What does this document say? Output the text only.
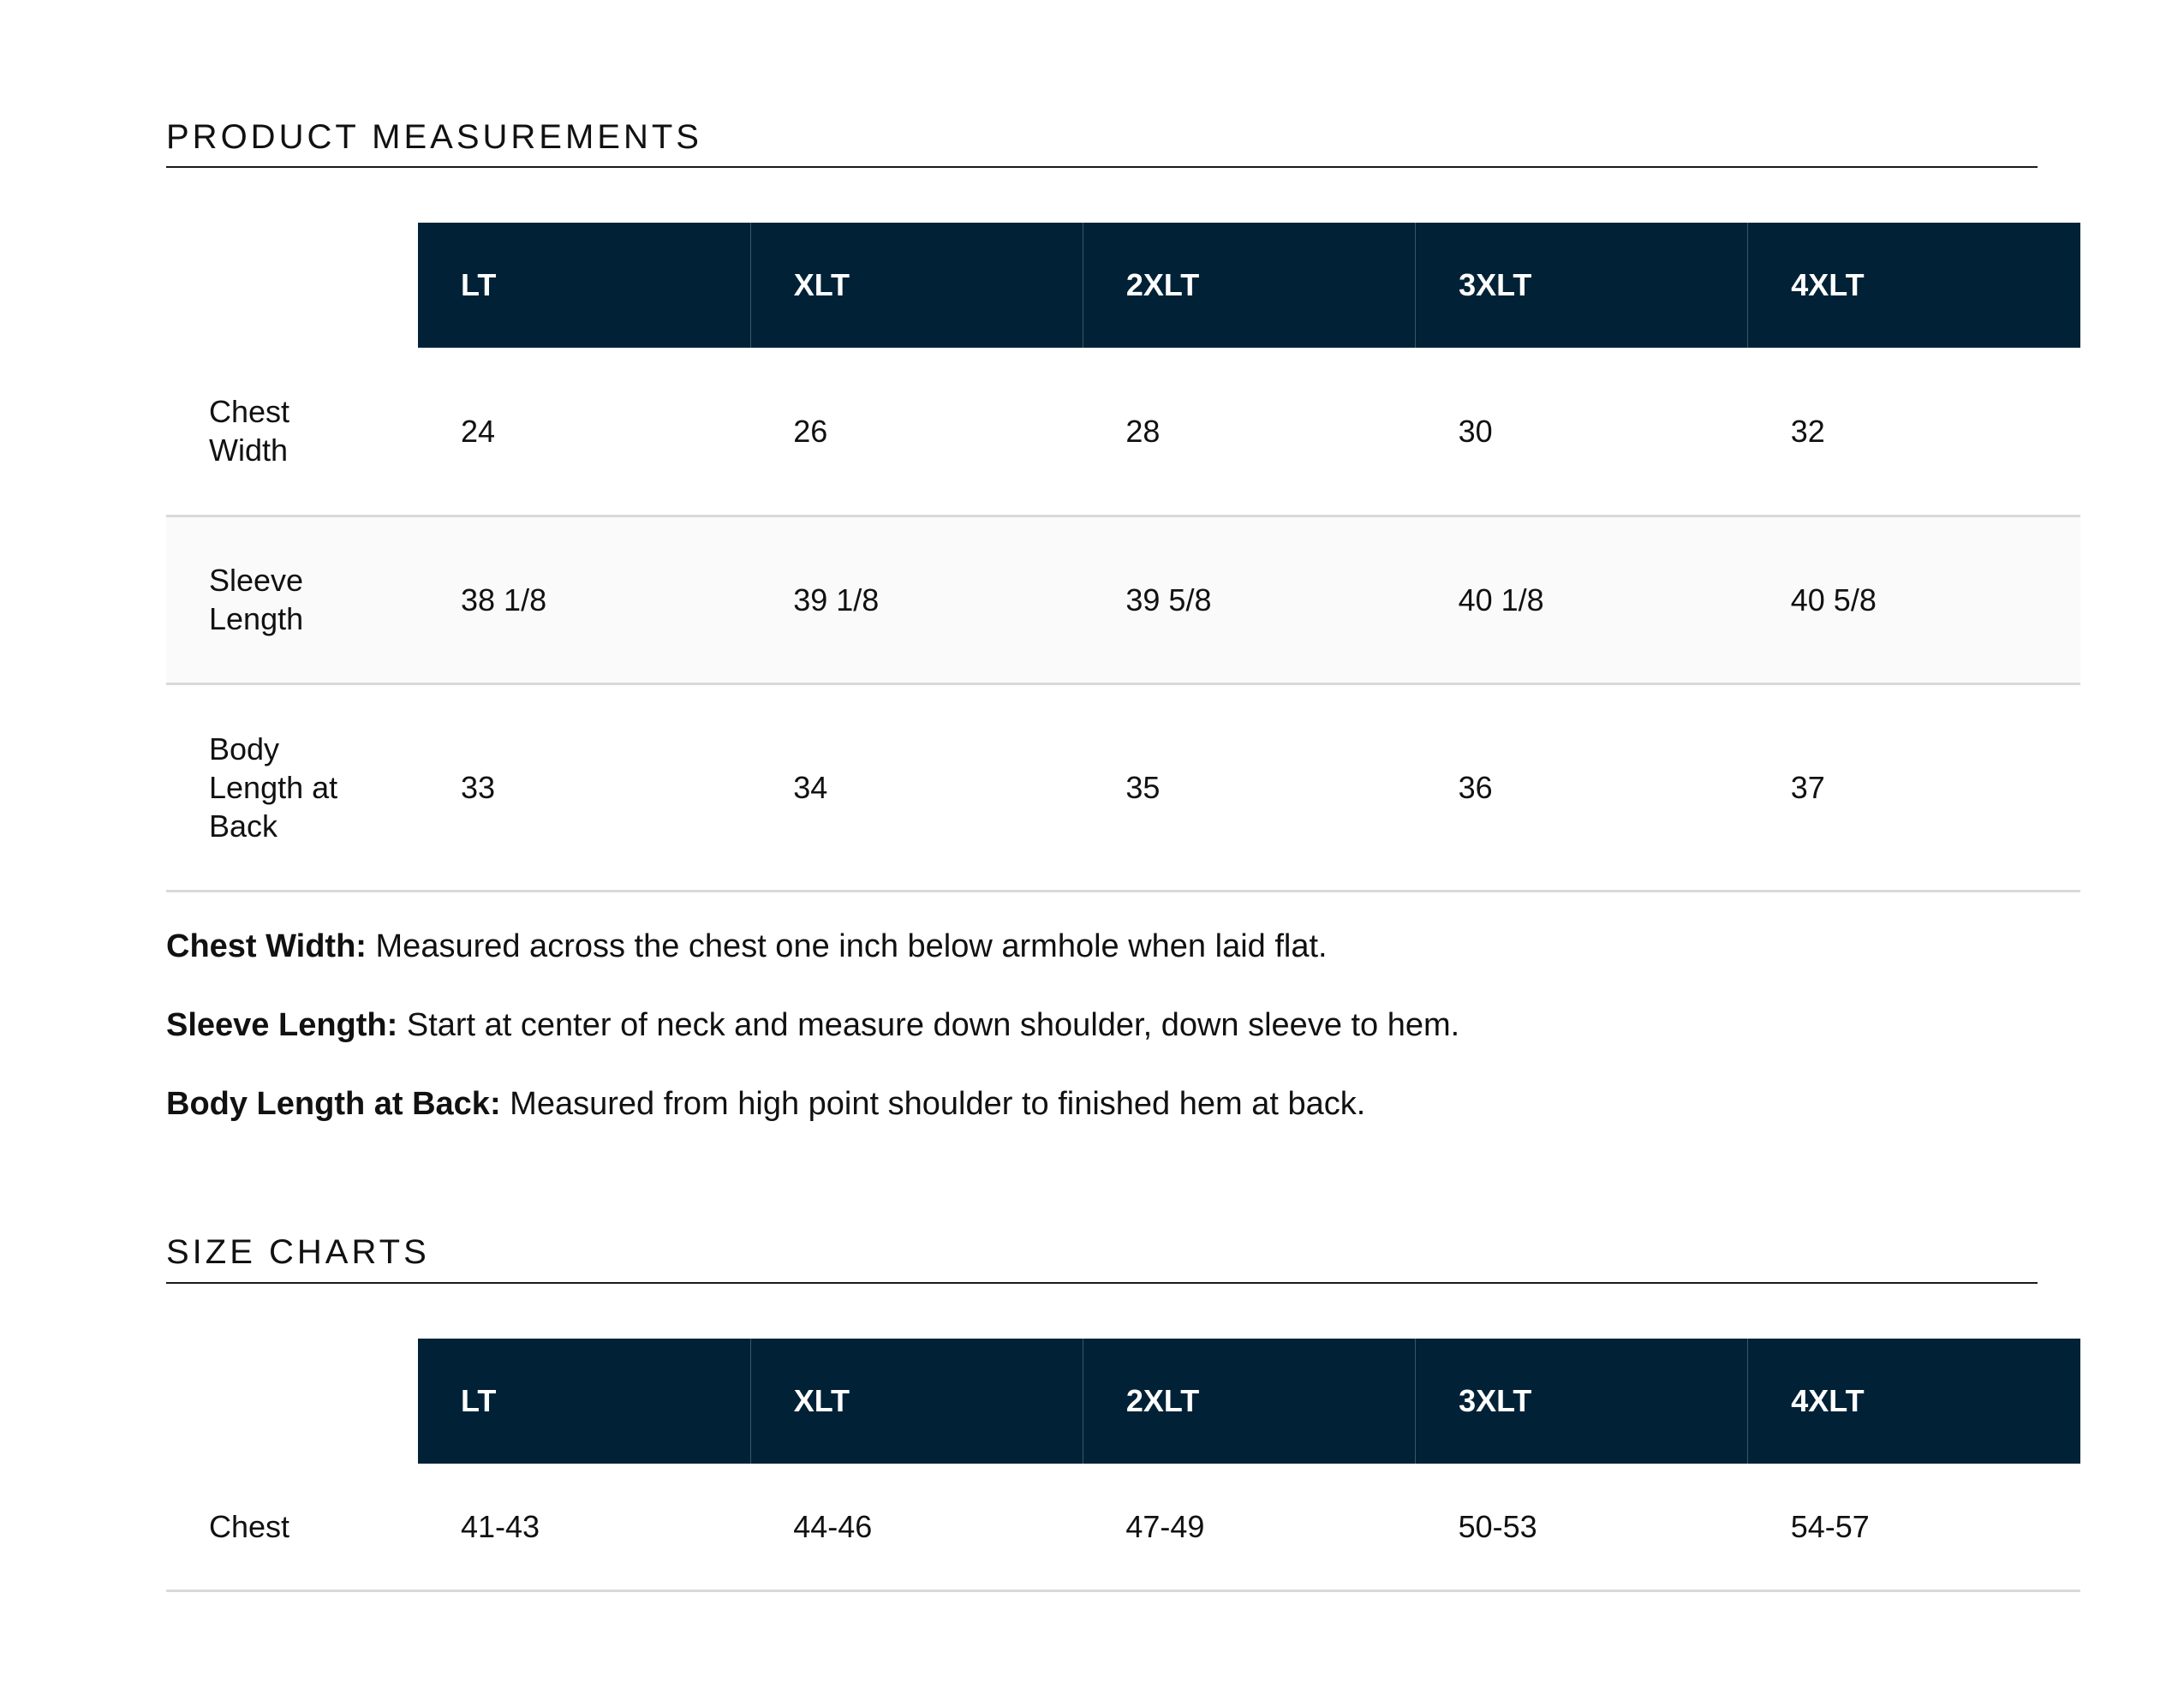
PRODUCT MEASUREMENTS
	LT	XLT	2XLT	3XLT	4XLT

Chest Width	24	26	28	30	32

Sleeve Length	38 1/8	39 1/8	39 5/8	40 1/8	40 5/8

Body Length at Back	33	34	35	36	37

Chest Width: Measured across the chest one inch below armhole when laid flat.

Sleeve Length: Start at center of neck and measure down shoulder, down sleeve to hem.

Body Length at Back: Measured from high point shoulder to finished hem at back.

SIZE CHARTS
	LT	XLT	2XLT	3XLT	4XLT
Chest	41-43	44-46	47-49	50-53	54-57
